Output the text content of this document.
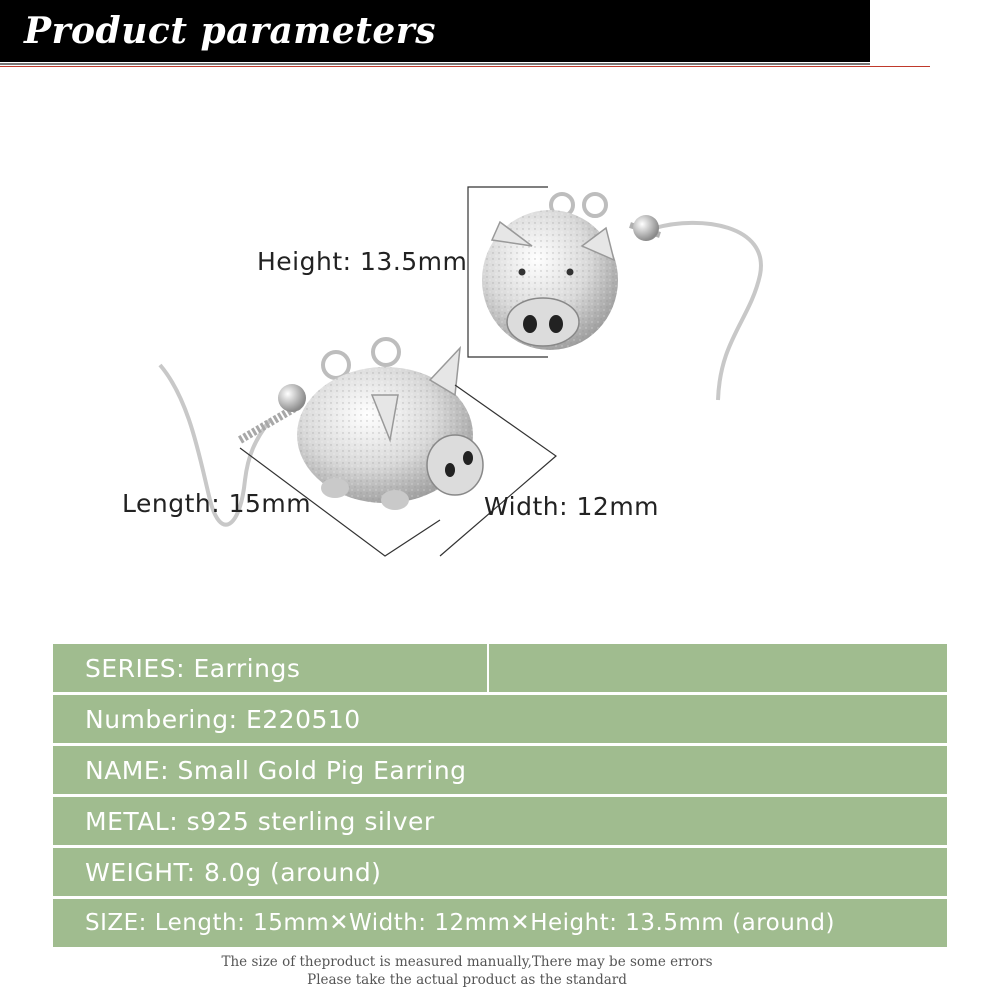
Product parameters
Height: 13.5mm
Length: 15mm	Width: 12mm
SERIES: Earrings
Numbering: E220510
NAME: Small Gold Pig Earring
METAL: s925 sterling silver
WEIGHT: 8.0g (around)
SIZE: Length: 15mm✕Width: 12mm✕Height: 13.5mm (around)
The size of theproduct is measured manually,There may be some errors
Please take the actual product as the standard
